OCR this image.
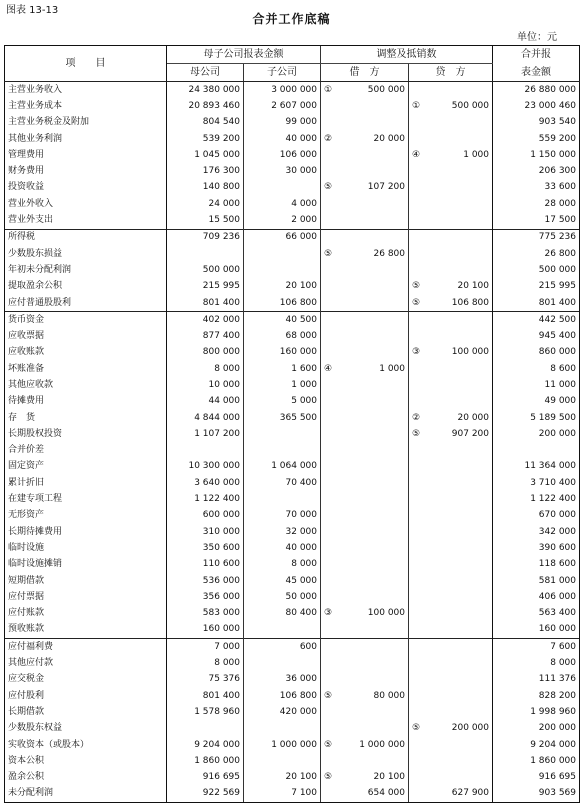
图表 13-13
合并工作底稿
单位：元
项　　目	母子公司报表金额		调整及抵销数		合并报
	母公司	子公司	借　方	贷　方	表金额
主营业务收入	24 380 000	3 000 000	① 500 000		26 880 000
主营业务成本	20 893 460	2 607 000		① 500 000	23 000 460
主营业务税金及附加	804 540	99 000			903 540
其他业务利润	539 200	40 000	② 20 000		559 200
管理费用	1 045 000	106 000		④ 1 000	1 150 000
财务费用	176 300	30 000			206 300
投资收益	140 800		⑤ 107 200		33 600
营业外收入	24 000	4 000			28 000
营业外支出	15 500	2 000			17 500
所得税	709 236	66 000			775 236
少数股东损益			⑤ 26 800		26 800
年初未分配利润	500 000				500 000
提取盈余公积	215 995	20 100		⑤ 20 100	215 995
应付普通股股利	801 400	106 800		⑤ 106 800	801 400
货币资金	402 000	40 500			442 500
应收票据	877 400	68 000			945 400
应收账款	800 000	160 000		③ 100 000	860 000
坏账准备	8 000	1 600	④ 1 000		8 600
其他应收款	10 000	1 000			11 000
待摊费用	44 000	5 000			49 000
存　货	4 844 000	365 500		② 20 000	5 189 500
长期股权投资	1 107 200			⑤ 907 200	200 000
合并价差			

固定资产	10 300 000	1 064 000			11 364 000
累计折旧	3 640 000	70 400			3 710 400
在建专项工程	1 122 400				1 122 400
无形资产	600 000	70 000			670 000
长期待摊费用	310 000	32 000			342 000
临时设施	350 600	40 000			390 600
临时设施摊销	110 600	8 000			118 600
短期借款	536 000	45 000			581 000
应付票据	356 000	50 000			406 000
应付账款	583 000	80 400	③ 100 000		563 400
预收账款	160 000				160 000
应付福利费	7 000	600			7 600
其他应付款	8 000				8 000
应交税金	75 376	36 000			111 376
应付股利	801 400	106 800	⑤ 80 000		828 200
长期借款	1 578 960	420 000			1 998 960
少数股东权益				⑤ 200 000	200 000
实收资本（或股本）	9 204 000	1 000 000	⑤ 1 000 000		9 204 000
资本公积	1 860 000				1 860 000
盈余公积	916 695	20 100	⑤ 20 100		916 695
未分配利润	922 569	7 100	654 000	627 900	903 569
